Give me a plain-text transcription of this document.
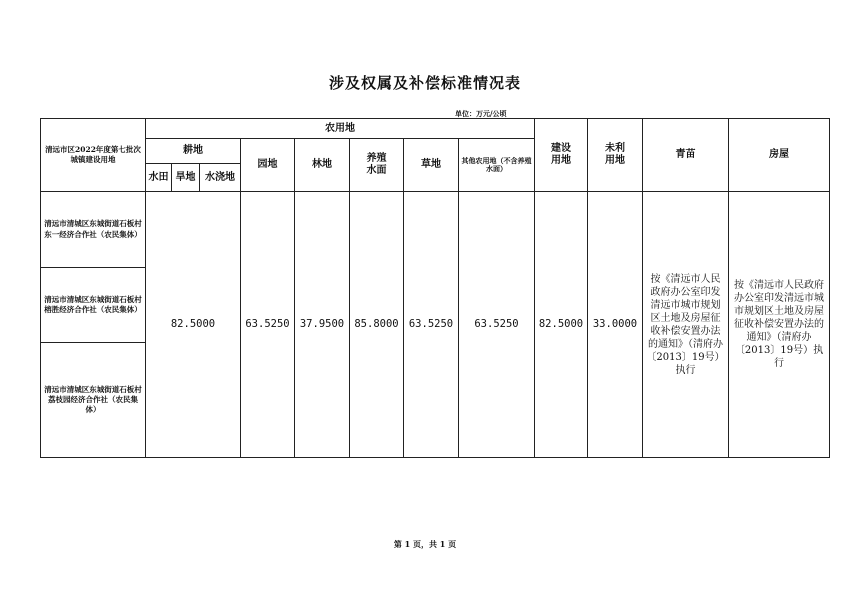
涉及权属及补偿标准情况表
单位：万元/公顷
清远市区2022年度第七批次城镇建设用地	农用地								建设用地	未利用地	青苗	房屋
	耕地			园地	林地	养殖水面	草地	其他农用地（不含养殖水面）				
	水田	旱地	水浇地									
清远市清城区东城街道石板村东一经济合作社（农民集体）	82.5000			63.5250	37.9500	85.8000	63.5250	63.5250	82.5000	33.0000	按《清远市人民政府办公室印发清远市城市规划区土地及房屋征收补偿安置办法的通知》（清府办〔2013〕19号）执行	按《清远市人民政府办公室印发清远市城市规划区土地及房屋征收补偿安置办法的通知》（清府办〔2013〕19号）执行
清远市清城区东城街道石板村榕胜经济合作社（农民集体）												
清远市清城区东城街道石板村荔枝园经济合作社（农民集体）												
第 1 页，共 1 页
